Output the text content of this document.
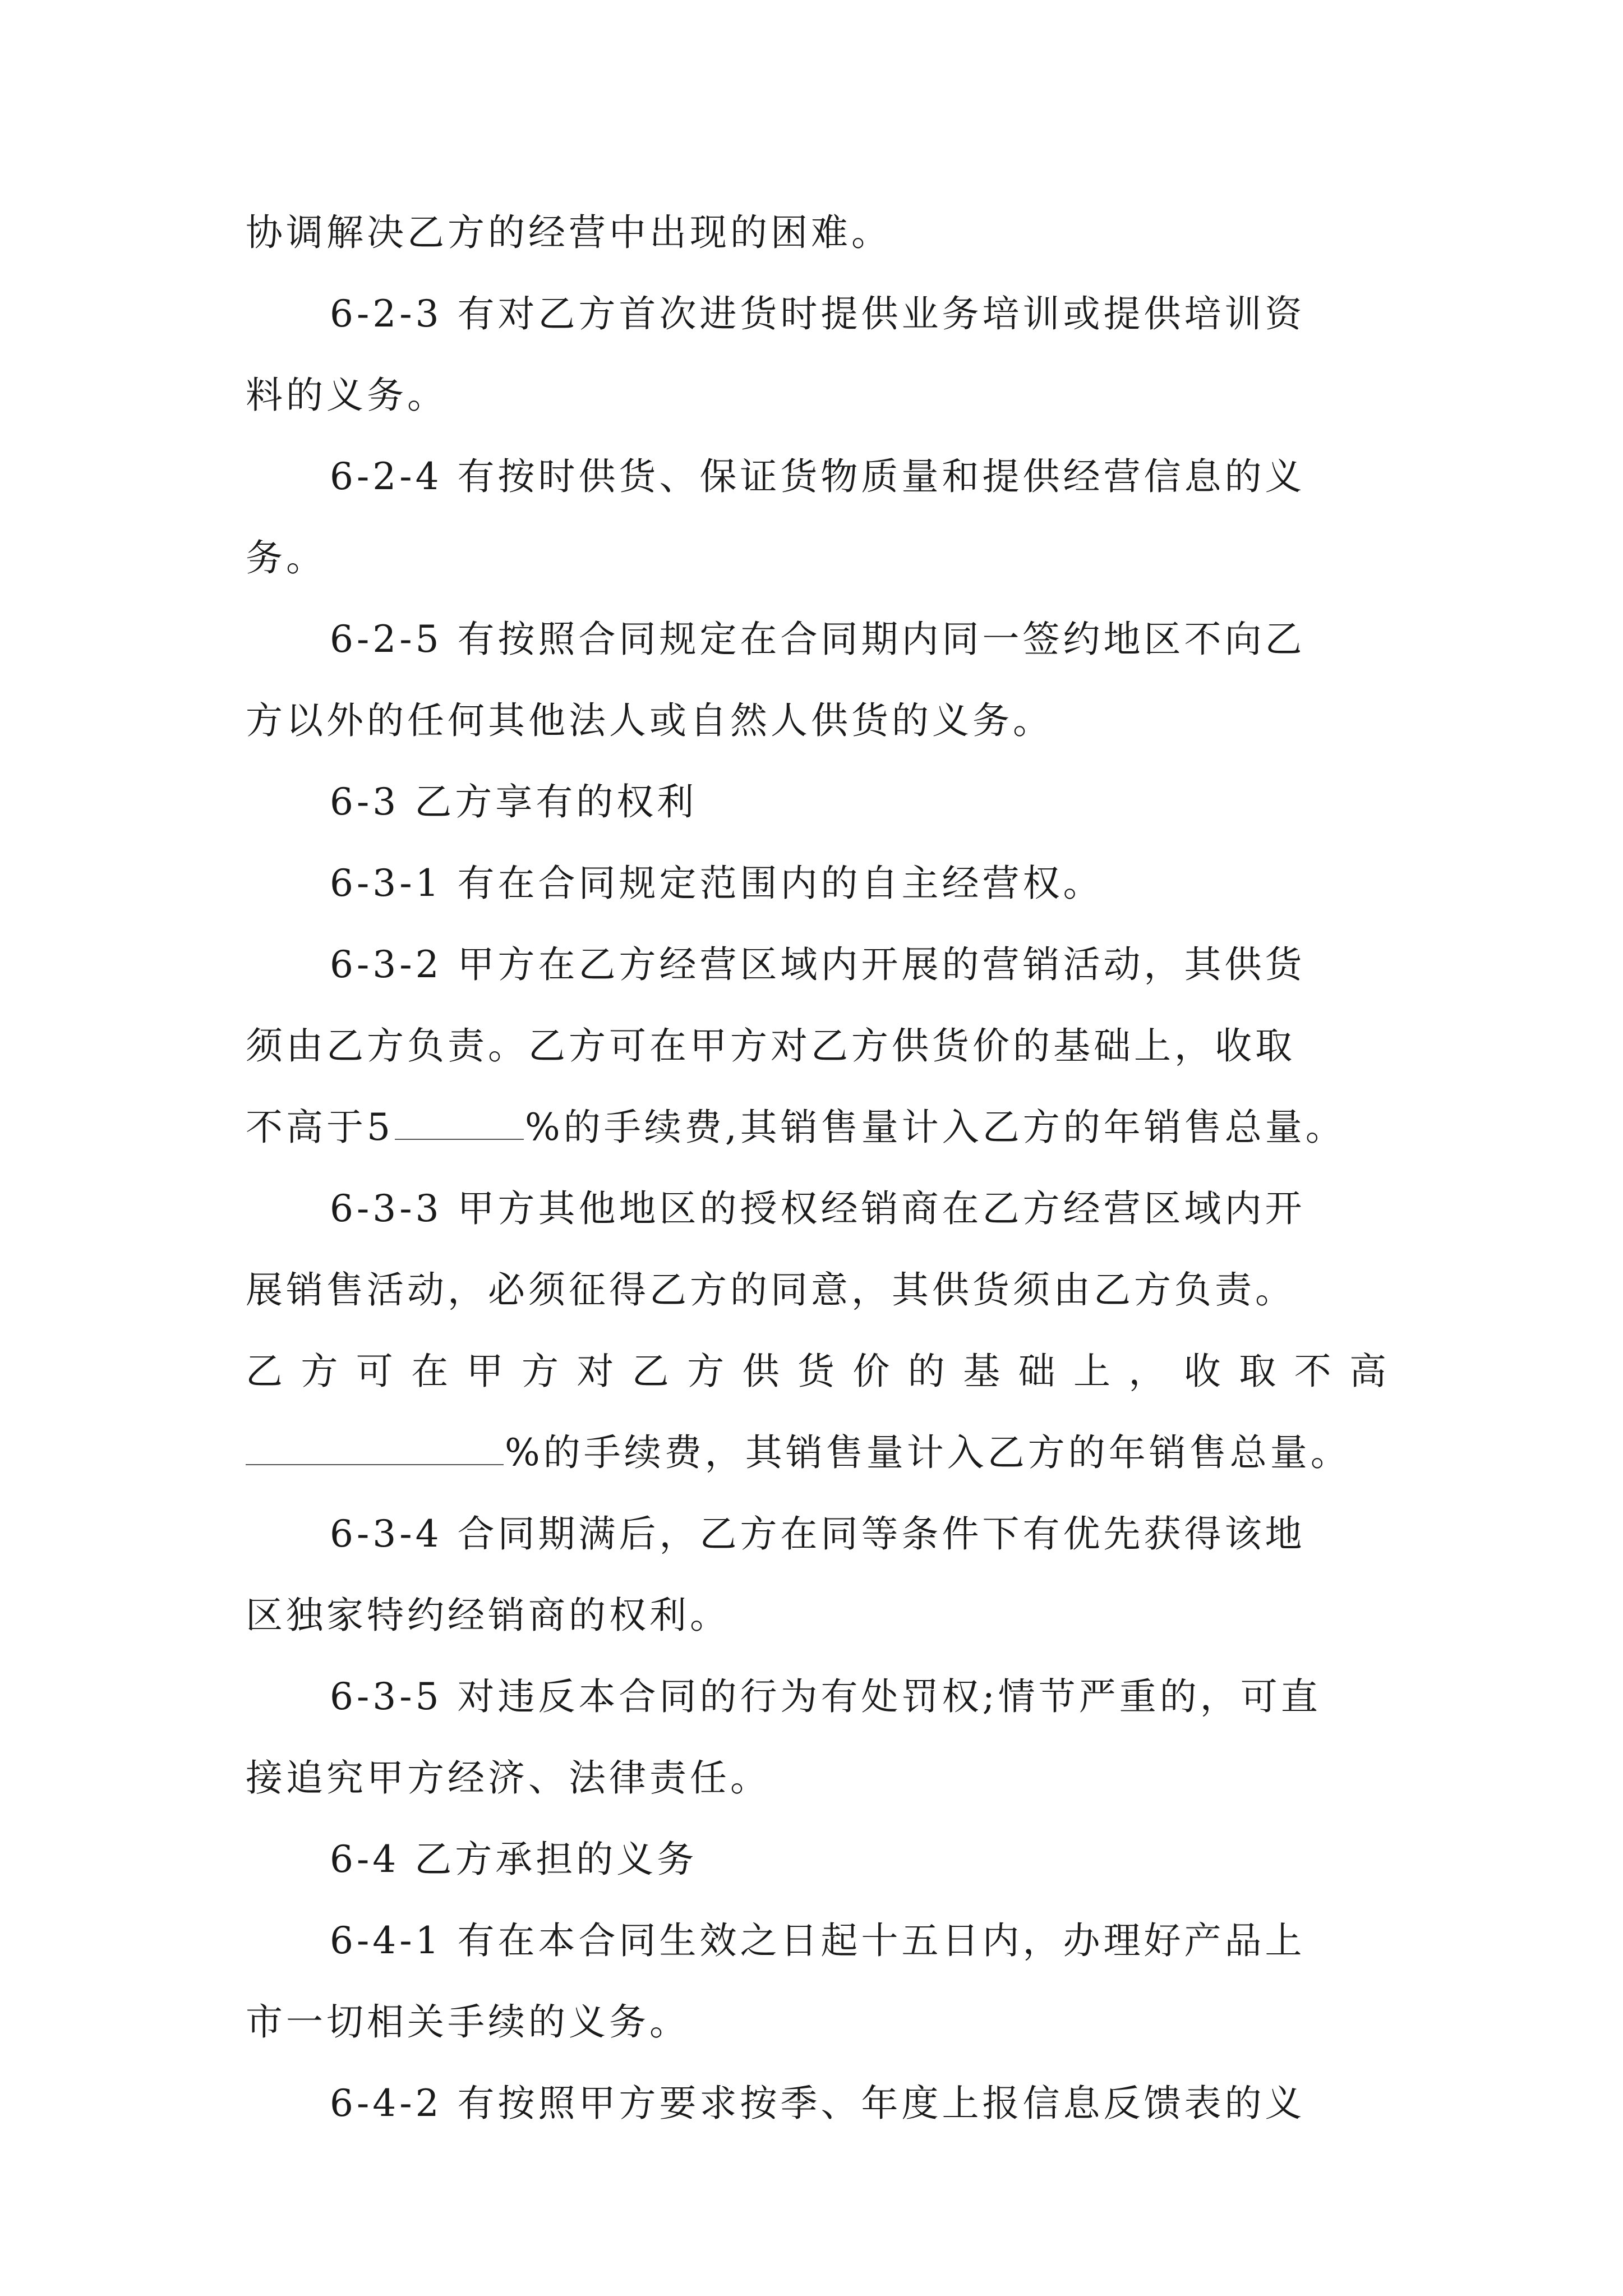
协调解决乙方的经营中出现的困难。
6-2-3 有对乙方首次进货时提供业务培训或提供培训资
料的义务。
6-2-4 有按时供货、保证货物质量和提供经营信息的义
务。
6-2-5 有按照合同规定在合同期内同一签约地区不向乙
方以外的任何其他法人或自然人供货的义务。
6-3 乙方享有的权利
6-3-1 有在合同规定范围内的自主经营权。
6-3-2 甲方在乙方经营区域内开展的营销活动，其供货
须由乙方负责。乙方可在甲方对乙方供货价的基础上，收取
不高于5	%的手续费,其销售量计入乙方的年销售总量。
6-3-3 甲方其他地区的授权经销商在乙方经营区域内开
展销售活动，必须征得乙方的同意，其供货须由乙方负责。
乙方可在甲方对乙方供货价的基础上，收取不高
%的手续费，其销售量计入乙方的年销售总量。
6-3-4 合同期满后，乙方在同等条件下有优先获得该地
区独家特约经销商的权利。
6-3-5 对违反本合同的行为有处罚权;情节严重的，可直
接追究甲方经济、法律责任。
6-4 乙方承担的义务
6-4-1 有在本合同生效之日起十五日内，办理好产品上
市一切相关手续的义务。
6-4-2 有按照甲方要求按季、年度上报信息反馈表的义
